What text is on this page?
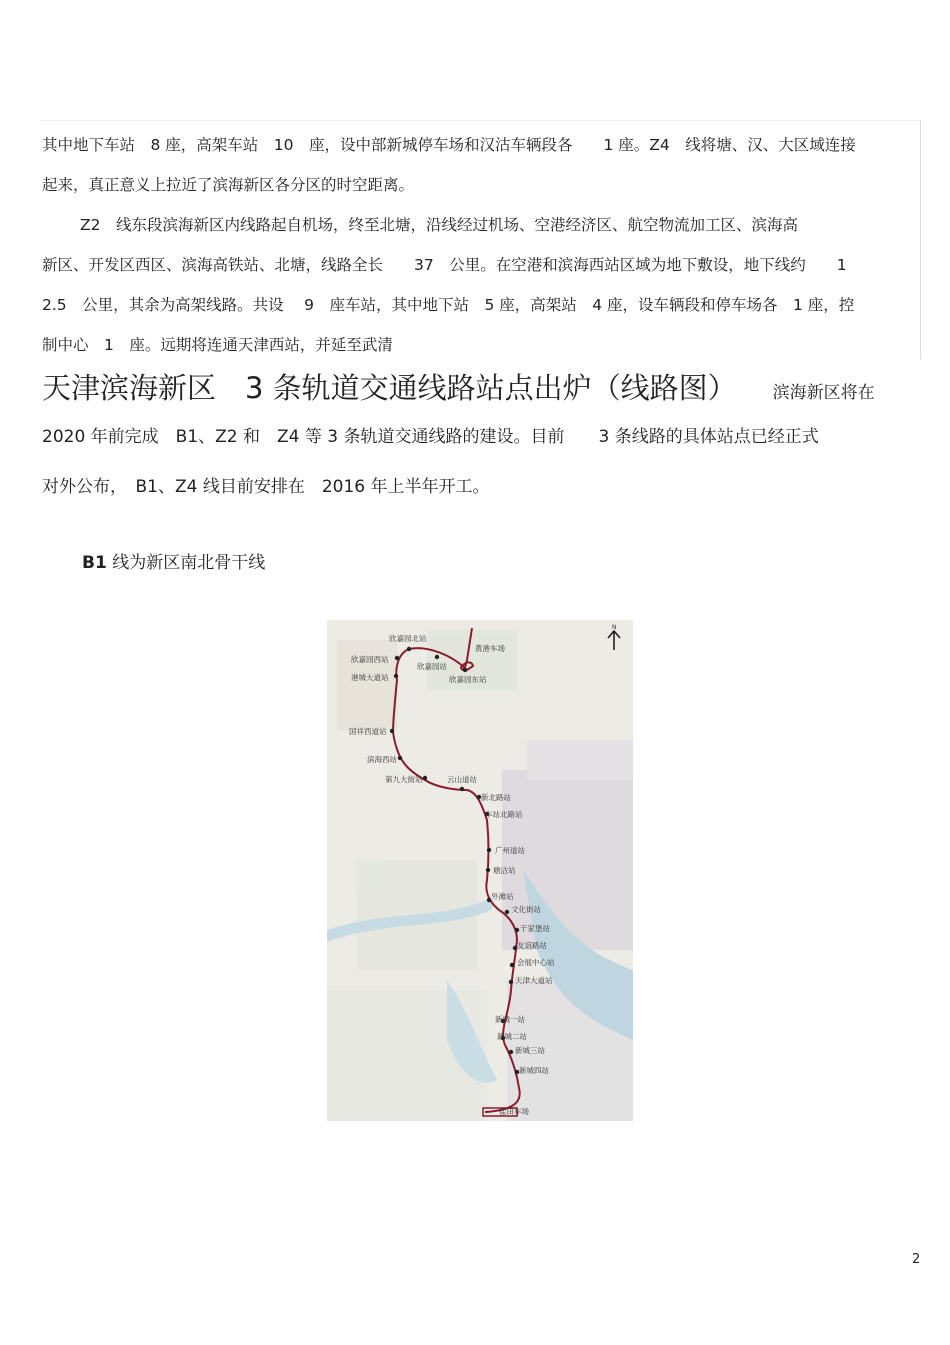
其中地下车站　8 座，高架车站　10　座，设中部新城停车场和汉沽车辆段各　　1 座。Z4　线将塘、汉、大区域连接
起来，真正意义上拉近了滨海新区各分区的时空距离。
Z2　线东段滨海新区内线路起自机场，终至北塘，沿线经过机场、空港经济区、航空物流加工区、滨海高
新区、开发区西区、滨海高铁站、北塘，线路全长　　37　公里。在空港和滨海西站区域为地下敷设，地下线约　　1
2.5　公里，其余为高架线路。共设　 9　座车站，其中地下站　5 座，高架站　4 座，设车辆段和停车场各　1 座，控
制中心　1　座。远期将连通天津西站，并延至武清
天津滨海新区　3 条轨道交通线路站点出炉（线路图） 滨海新区将在
2020 年前完成　B1、Z2 和　Z4 等 3 条轨道交通线路的建设。目前　　3 条线路的具体站点已经正式
对外公布，　B1、Z4 线目前安排在　2016 年上半年开工。
B1 线为新区南北骨干线
N
欣嘉园北站
欣嘉园西站
欣嘉园站
港城大道站	欣嘉园东站
黄港车场
国祥西道站
滨海西站
第九大街站	云山道站
新北路站
车站北路站
广州道站
塘沽站
外滩站
文化街站
于家堡站
友谊路站
会展中心站
天津大道站
新城一站
新城二站
新城三站
新城四站
盐田车场
2
